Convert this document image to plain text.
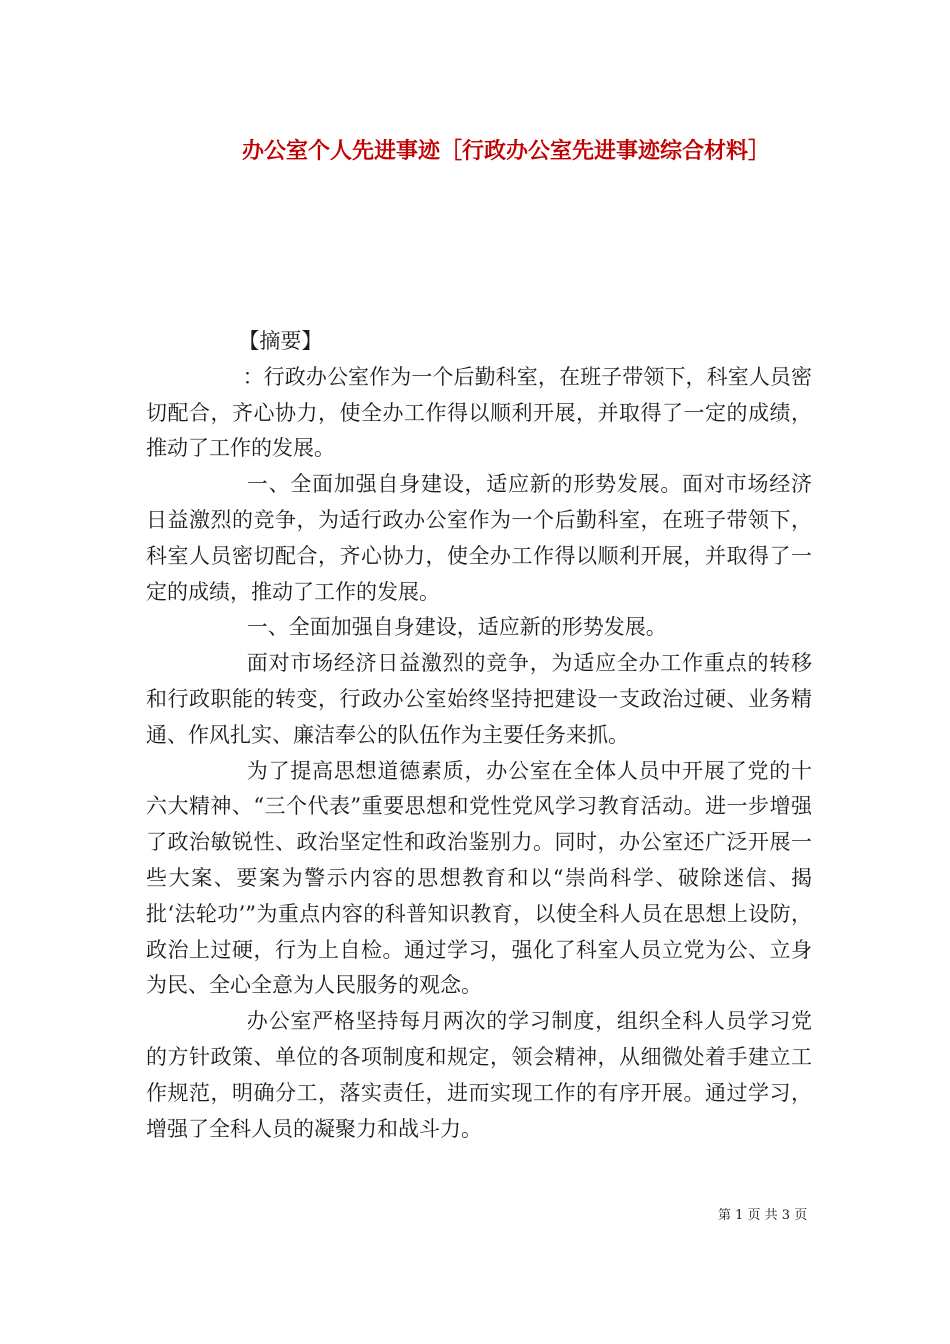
办公室个人先进事迹［行政办公室先进事迹综合材料］

【摘要】

：行政办公室作为一个后勤科室，在班子带领下，科室人员密切配合，齐心协力，使全办工作得以顺利开展，并取得了一定的成绩，推动了工作的发展。

一、全面加强自身建设，适应新的形势发展。面对市场经济日益激烈的竞争，为适行政办公室作为一个后勤科室，在班子带领下，科室人员密切配合，齐心协力，使全办工作得以顺利开展，并取得了一定的成绩，推动了工作的发展。

一、全面加强自身建设，适应新的形势发展。

面对市场经济日益激烈的竞争，为适应全办工作重点的转移和行政职能的转变，行政办公室始终坚持把建设一支政治过硬、业务精通、作风扎实、廉洁奉公的队伍作为主要任务来抓。

为了提高思想道德素质，办公室在全体人员中开展了党的十六大精神、“三个代表”重要思想和党性党风学习教育活动。进一步增强了政治敏锐性、政治坚定性和政治鉴别力。同时，办公室还广泛开展一些大案、要案为警示内容的思想教育和以“崇尚科学、破除迷信、揭批‘法轮功’”为重点内容的科普知识教育，以使全科人员在思想上设防，政治上过硬，行为上自检。通过学习，强化了科室人员立党为公、立身为民、全心全意为人民服务的观念。

办公室严格坚持每月两次的学习制度，组织全科人员学习党的方针政策、单位的各项制度和规定，领会精神，从细微处着手建立工作规范，明确分工，落实责任，进而实现工作的有序开展。通过学习，增强了全科人员的凝聚力和战斗力。

第 1 页 共 3 页
